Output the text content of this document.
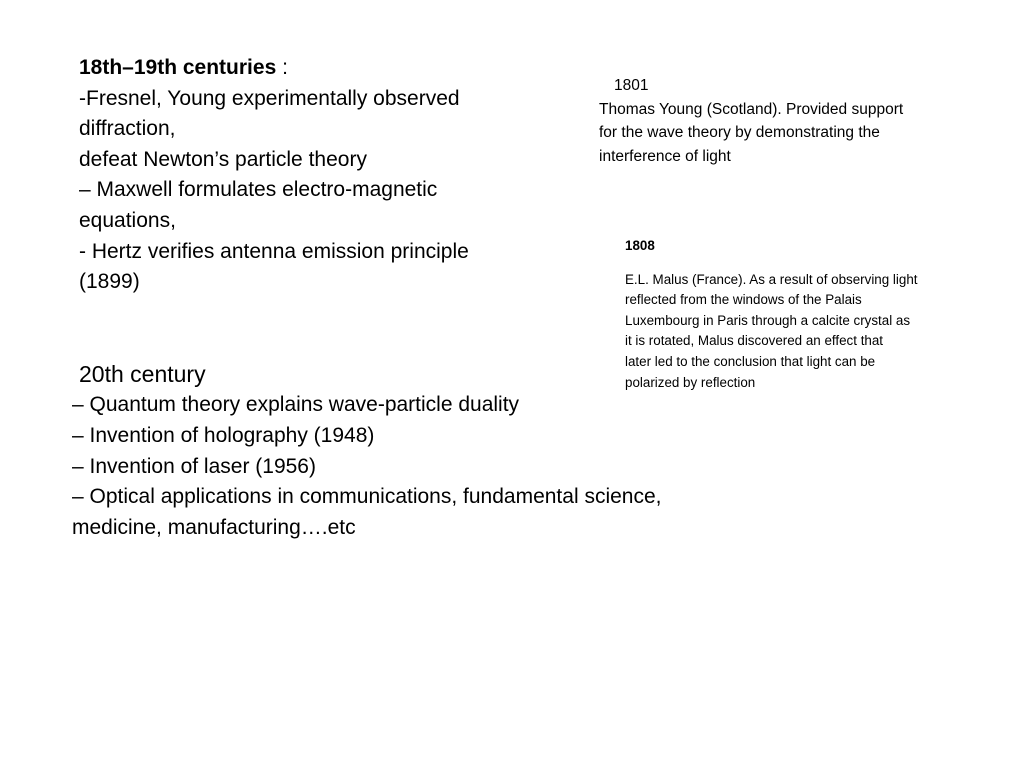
18th–19th centuries :
-Fresnel, Young experimentally observed
diffraction,
defeat Newton’s particle theory
– Maxwell formulates electro-magnetic
equations,
- Hertz verifies antenna emission principle
(1899)
20th century
– Quantum theory explains wave-particle duality
– Invention of holography (1948)
– Invention of laser (1956)
– Optical applications in communications, fundamental science,
medicine, manufacturing….etc
1801
Thomas Young (Scotland). Provided support
for the wave theory by demonstrating the
interference of light
1808
E.L. Malus (France). As a result of observing light
reflected from the windows of the Palais
Luxembourg in Paris through a calcite crystal as
it is rotated, Malus discovered an effect that
later led to the conclusion that light can be
polarized by reflection
